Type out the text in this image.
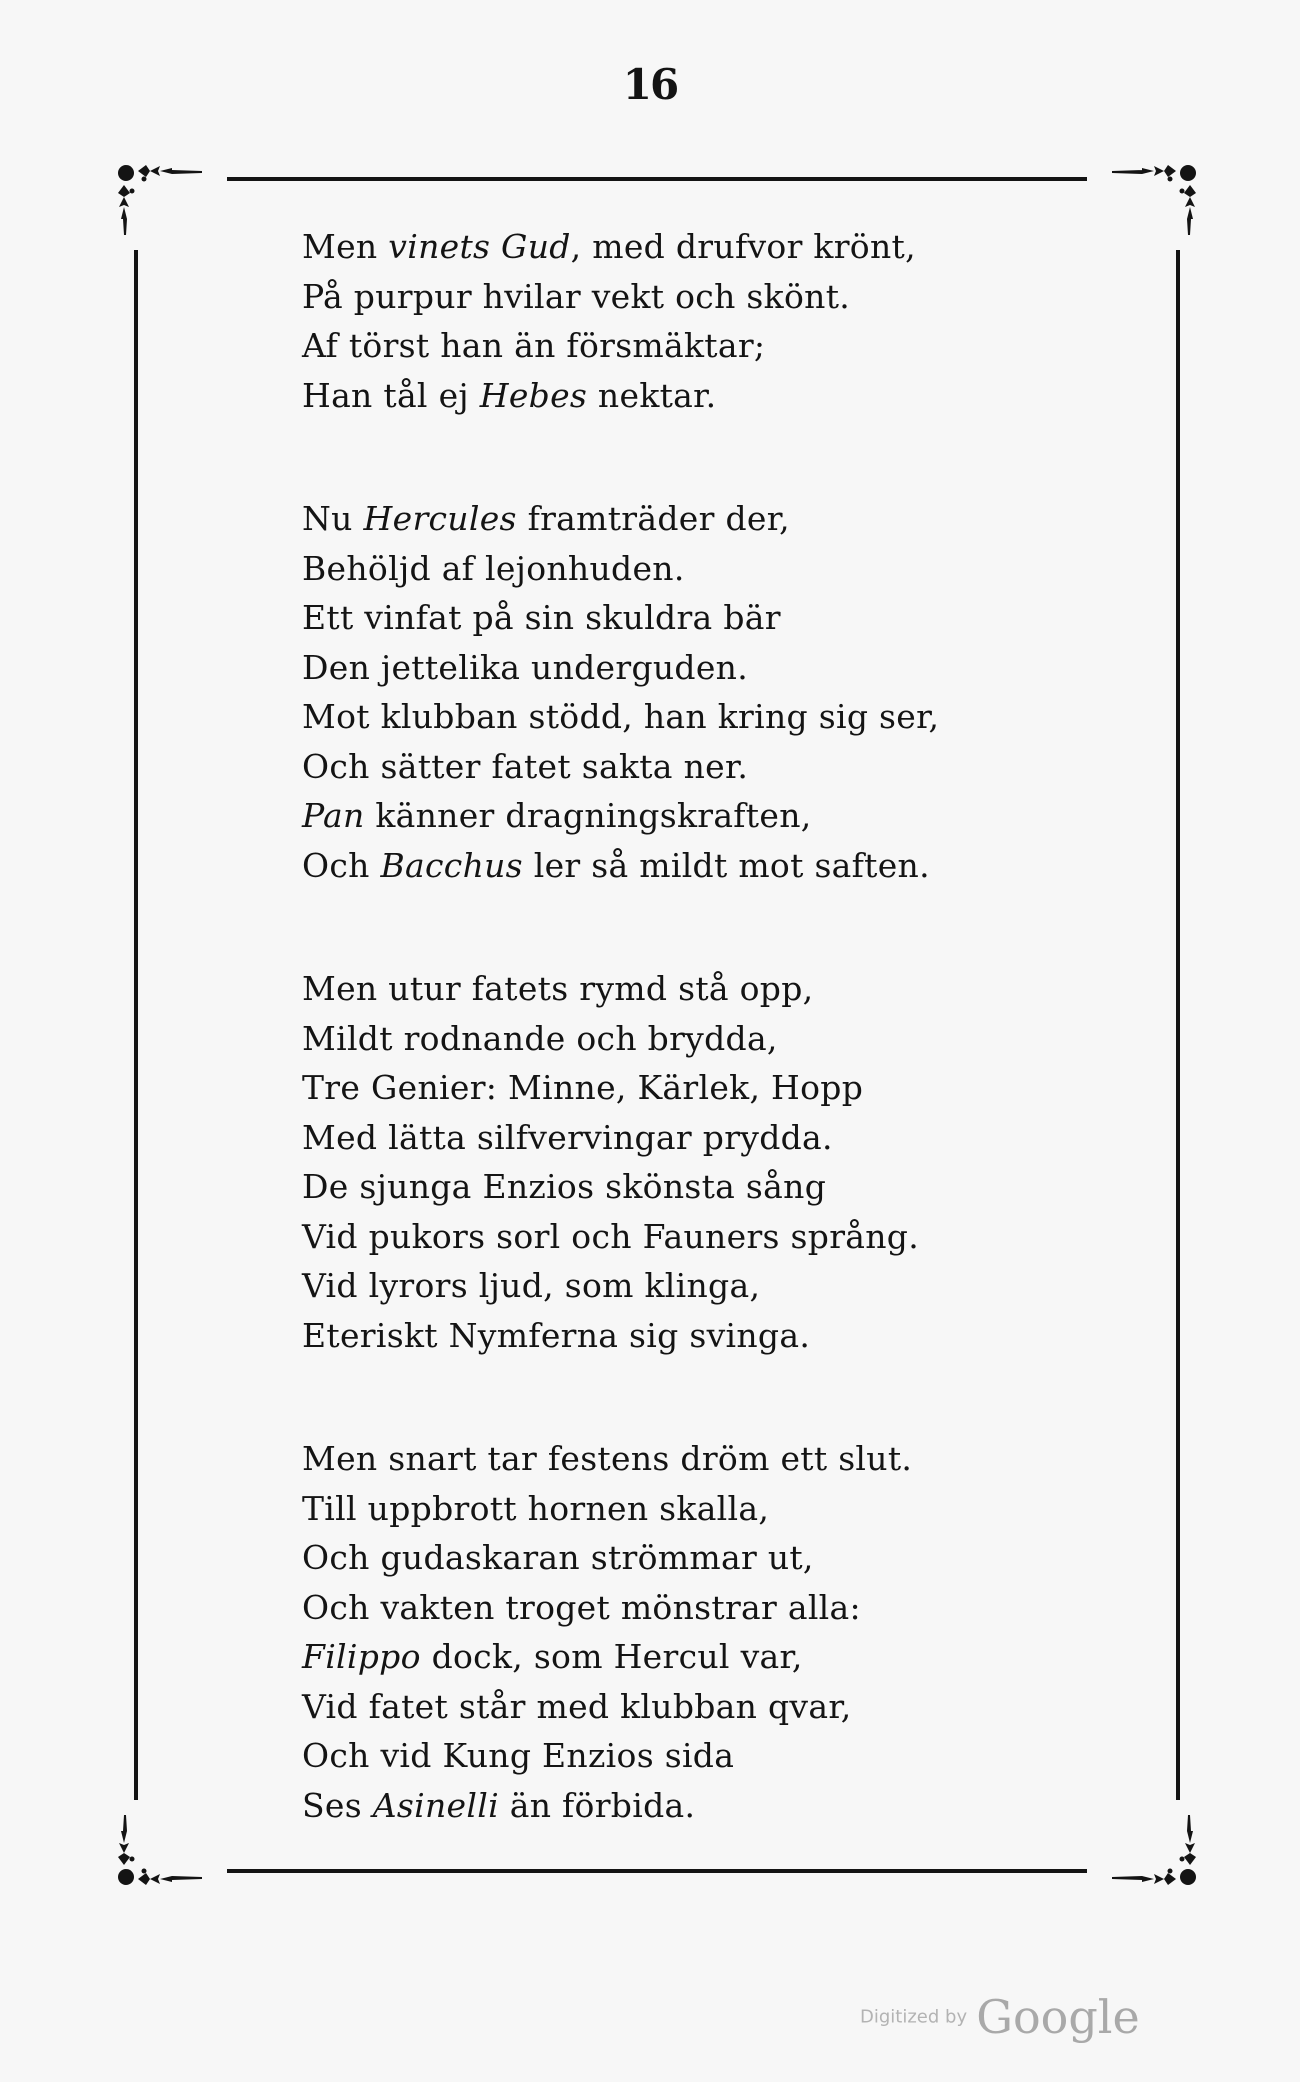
16
Men vinets Gud, med drufvor krönt,
På purpur hvilar vekt och skönt.
Af törst han än försmäktar;
Han tål ej Hebes nektar.
Nu Hercules framträder der,
Behöljd af lejonhuden.
Ett vinfat på sin skuldra bär
Den jettelika underguden.
Mot klubban stödd, han kring sig ser,
Och sätter fatet sakta ner.
Pan känner dragningskraften,
Och Bacchus ler så mildt mot saften.
Men utur fatets rymd stå opp,
Mildt rodnande och brydda,
Tre Genier: Minne, Kärlek, Hopp
Med lätta silfvervingar prydda.
De sjunga Enzios skönsta sång
Vid pukors sorl och Fauners språng.
Vid lyrors ljud, som klinga,
Eteriskt Nymferna sig svinga.
Men snart tar festens dröm ett slut.
Till uppbrott hornen skalla,
Och gudaskaran strömmar ut,
Och vakten troget mönstrar alla:
Filippo dock, som Hercul var,
Vid fatet står med klubban qvar,
Och vid Kung Enzios sida
Ses Asinelli än förbida.
Digitized by Google
